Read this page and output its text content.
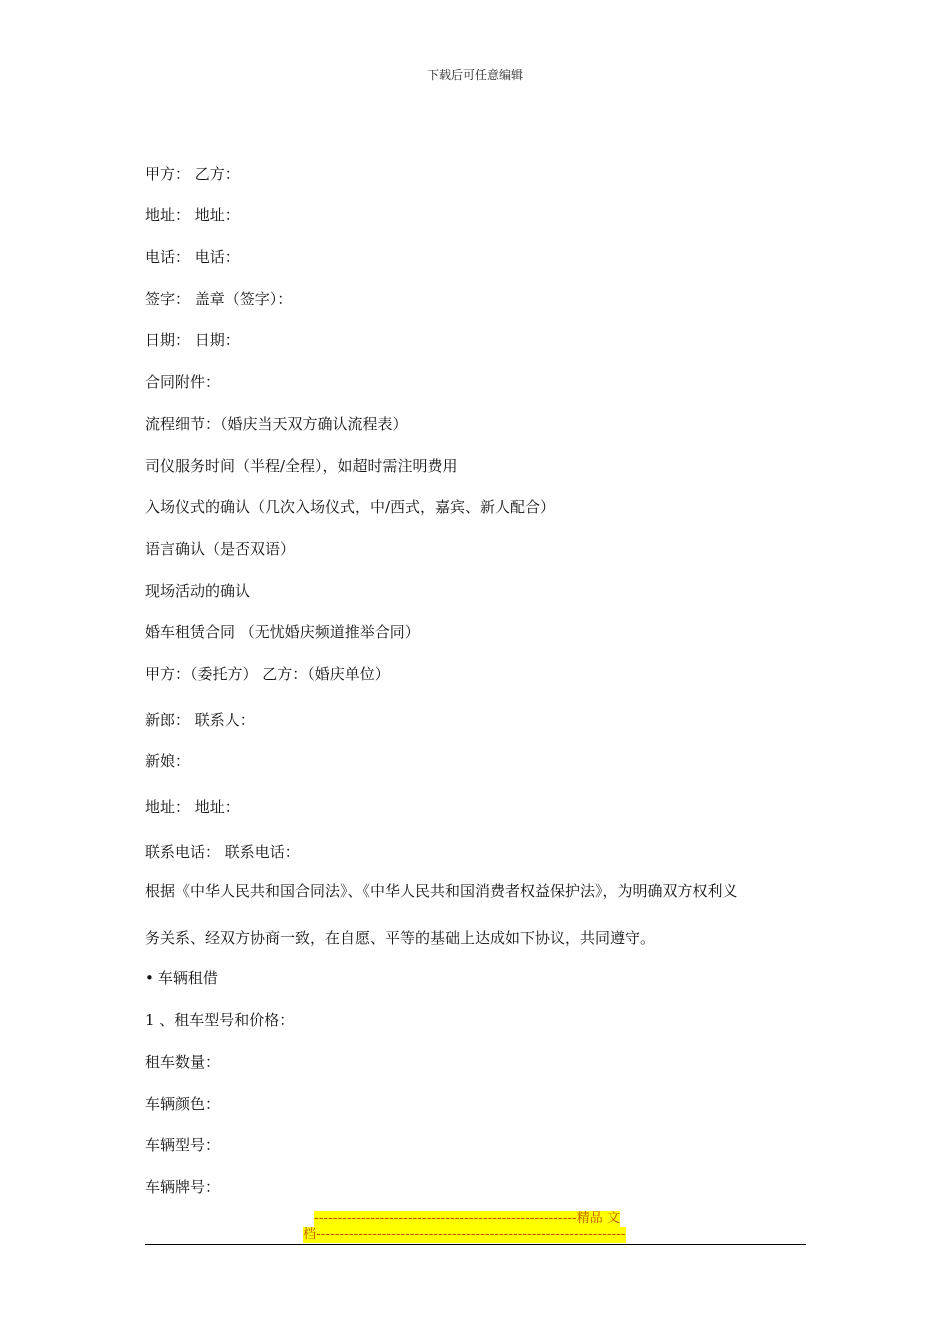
下载后可任意编辑
甲方： 乙方：
地址： 地址：
电话： 电话：
签字： 盖章（签字）：
日期： 日期：
合同附件：
流程细节：（婚庆当天双方确认流程表）
司仪服务时间（半程/全程），如超时需注明费用
入场仪式的确认（几次入场仪式，中/西式，嘉宾、新人配合）
语言确认（是否双语）
现场活动的确认
婚车租赁合同 （无忧婚庆频道推举合同）
甲方：（委托方） 乙方：（婚庆单位）
新郎： 联系人：
新娘：
地址： 地址：
联系电话： 联系电话：
根据《中华人民共和国合同法》、《中华人民共和国消费者权益保护法》，为明确双方权利义
务关系、经双方协商一致，在自愿、平等的基础上达成如下协议，共同遵守。
• 车辆租借
1 、租车型号和价格：
租车数量：
车辆颜色：
车辆型号：
车辆牌号：
--------------------------------------------------------精品 文
档------------------------------------------------------------------
